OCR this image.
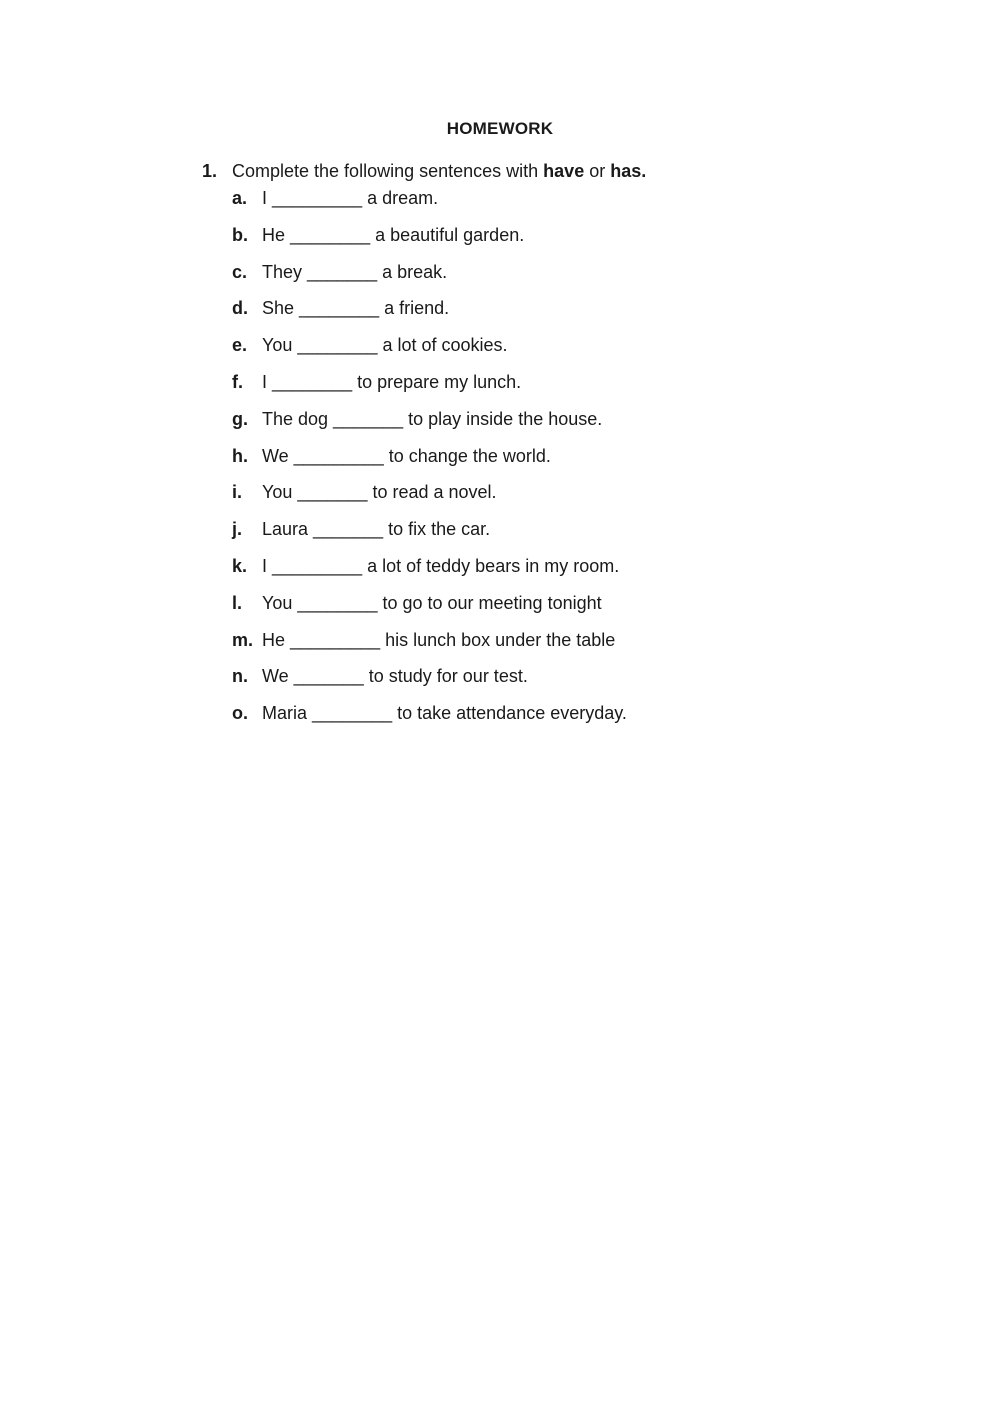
HOMEWORK
1. Complete the following sentences with have or has.
a. I _________ a dream.
b. He ________ a beautiful garden.
c. They _______ a break.
d. She ________ a friend.
e. You ________ a lot of cookies.
f. I ________ to prepare my lunch.
g. The dog _______ to play inside the house.
h. We _________ to change the world.
i. You _______ to read a novel.
j. Laura _______ to fix the car.
k. I _________ a lot of teddy bears in my room.
l. You ________ to go to our meeting tonight
m. He _________ his lunch box under the table
n. We _______ to study for our test.
o. Maria ________ to take attendance everyday.
